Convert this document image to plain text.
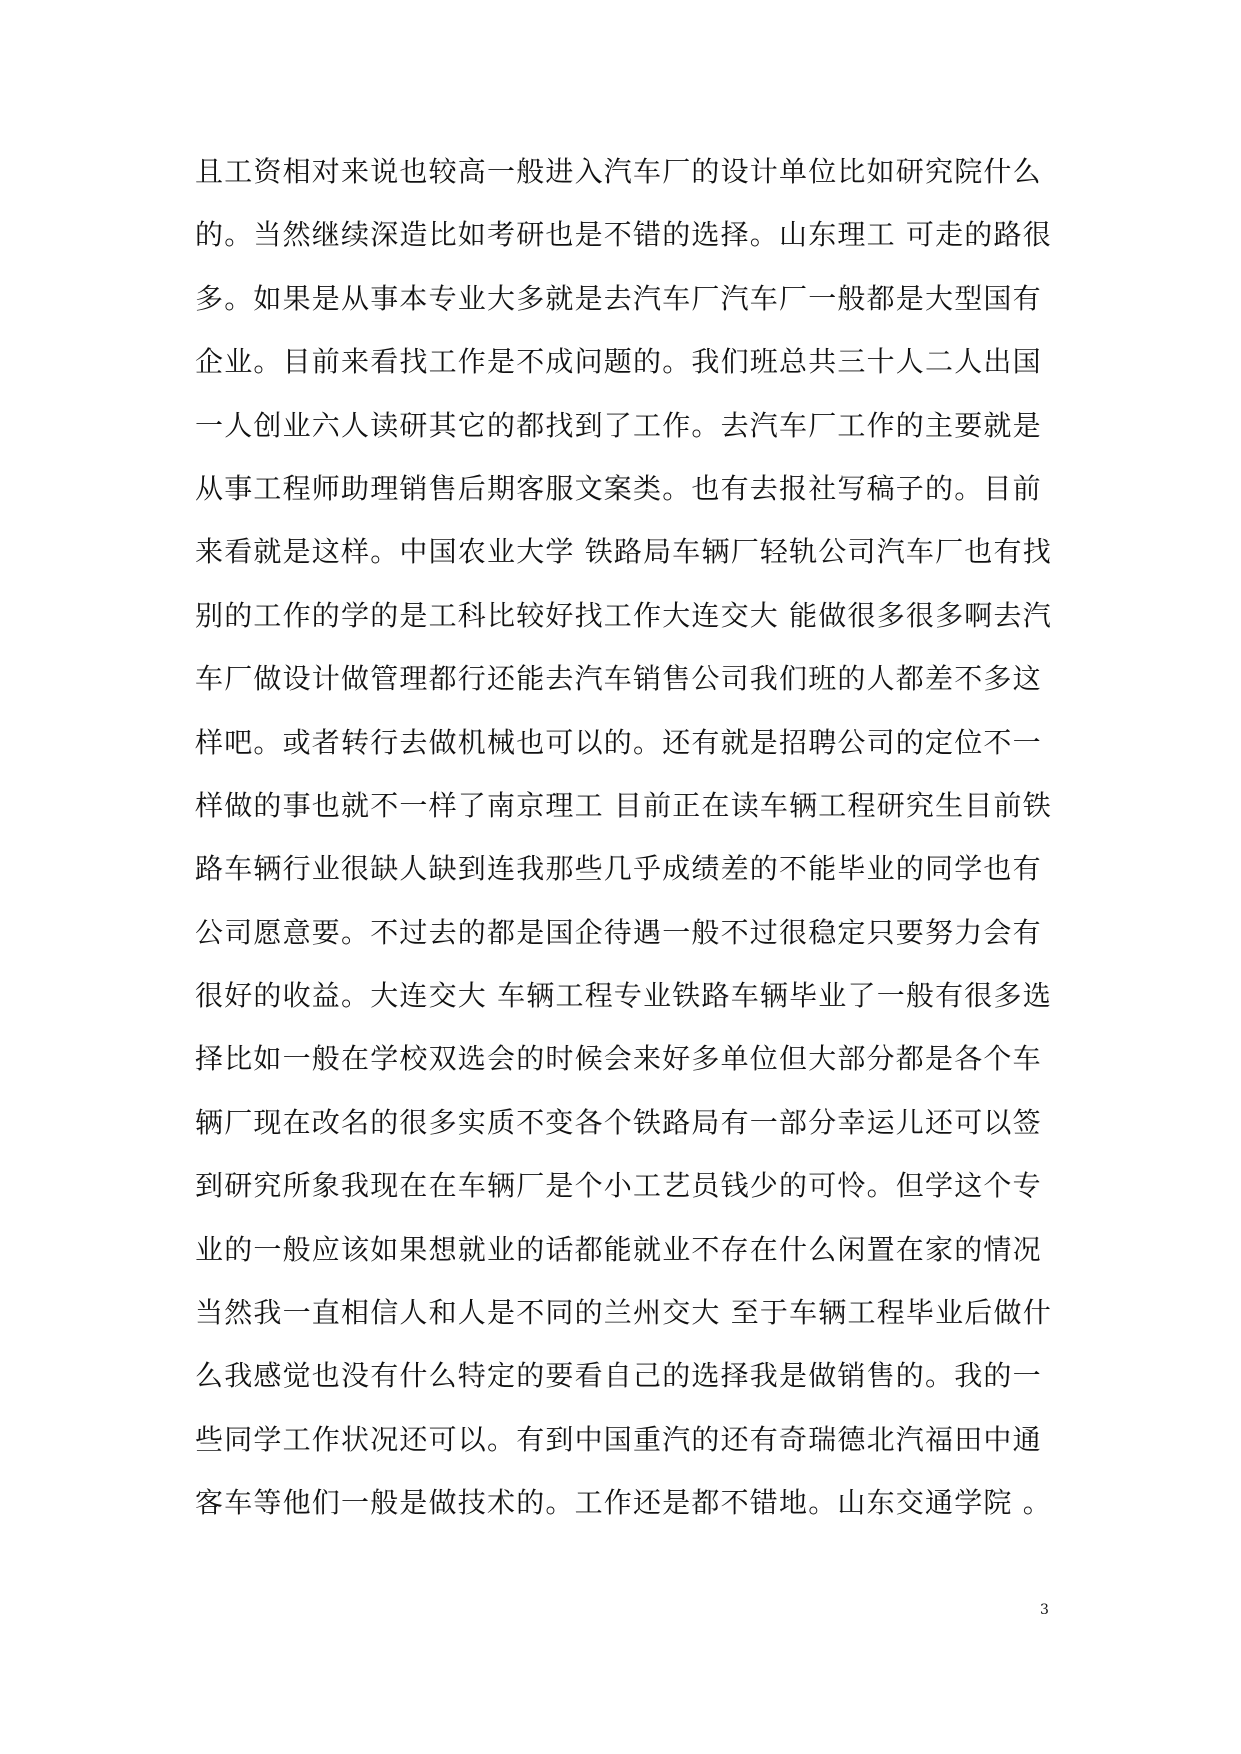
且工资相对来说也较高一般进入汽车厂的设计单位比如研究院什么
的。当然继续深造比如考研也是不错的选择。山东理工 可走的路很
多。如果是从事本专业大多就是去汽车厂汽车厂一般都是大型国有
企业。目前来看找工作是不成问题的。我们班总共三十人二人出国
一人创业六人读研其它的都找到了工作。去汽车厂工作的主要就是
从事工程师助理销售后期客服文案类。也有去报社写稿子的。目前
来看就是这样。中国农业大学 铁路局车辆厂轻轨公司汽车厂也有找
别的工作的学的是工科比较好找工作大连交大 能做很多很多啊去汽
车厂做设计做管理都行还能去汽车销售公司我们班的人都差不多这
样吧。或者转行去做机械也可以的。还有就是招聘公司的定位不一
样做的事也就不一样了南京理工 目前正在读车辆工程研究生目前铁
路车辆行业很缺人缺到连我那些几乎成绩差的不能毕业的同学也有
公司愿意要。不过去的都是国企待遇一般不过很稳定只要努力会有
很好的收益。大连交大 车辆工程专业铁路车辆毕业了一般有很多选
择比如一般在学校双选会的时候会来好多单位但大部分都是各个车
辆厂现在改名的很多实质不变各个铁路局有一部分幸运儿还可以签
到研究所象我现在在车辆厂是个小工艺员钱少的可怜。但学这个专
业的一般应该如果想就业的话都能就业不存在什么闲置在家的情况
当然我一直相信人和人是不同的兰州交大 至于车辆工程毕业后做什
么我感觉也没有什么特定的要看自己的选择我是做销售的。我的一
些同学工作状况还可以。有到中国重汽的还有奇瑞德北汽福田中通
客车等他们一般是做技术的。工作还是都不错地。山东交通学院 。
3
